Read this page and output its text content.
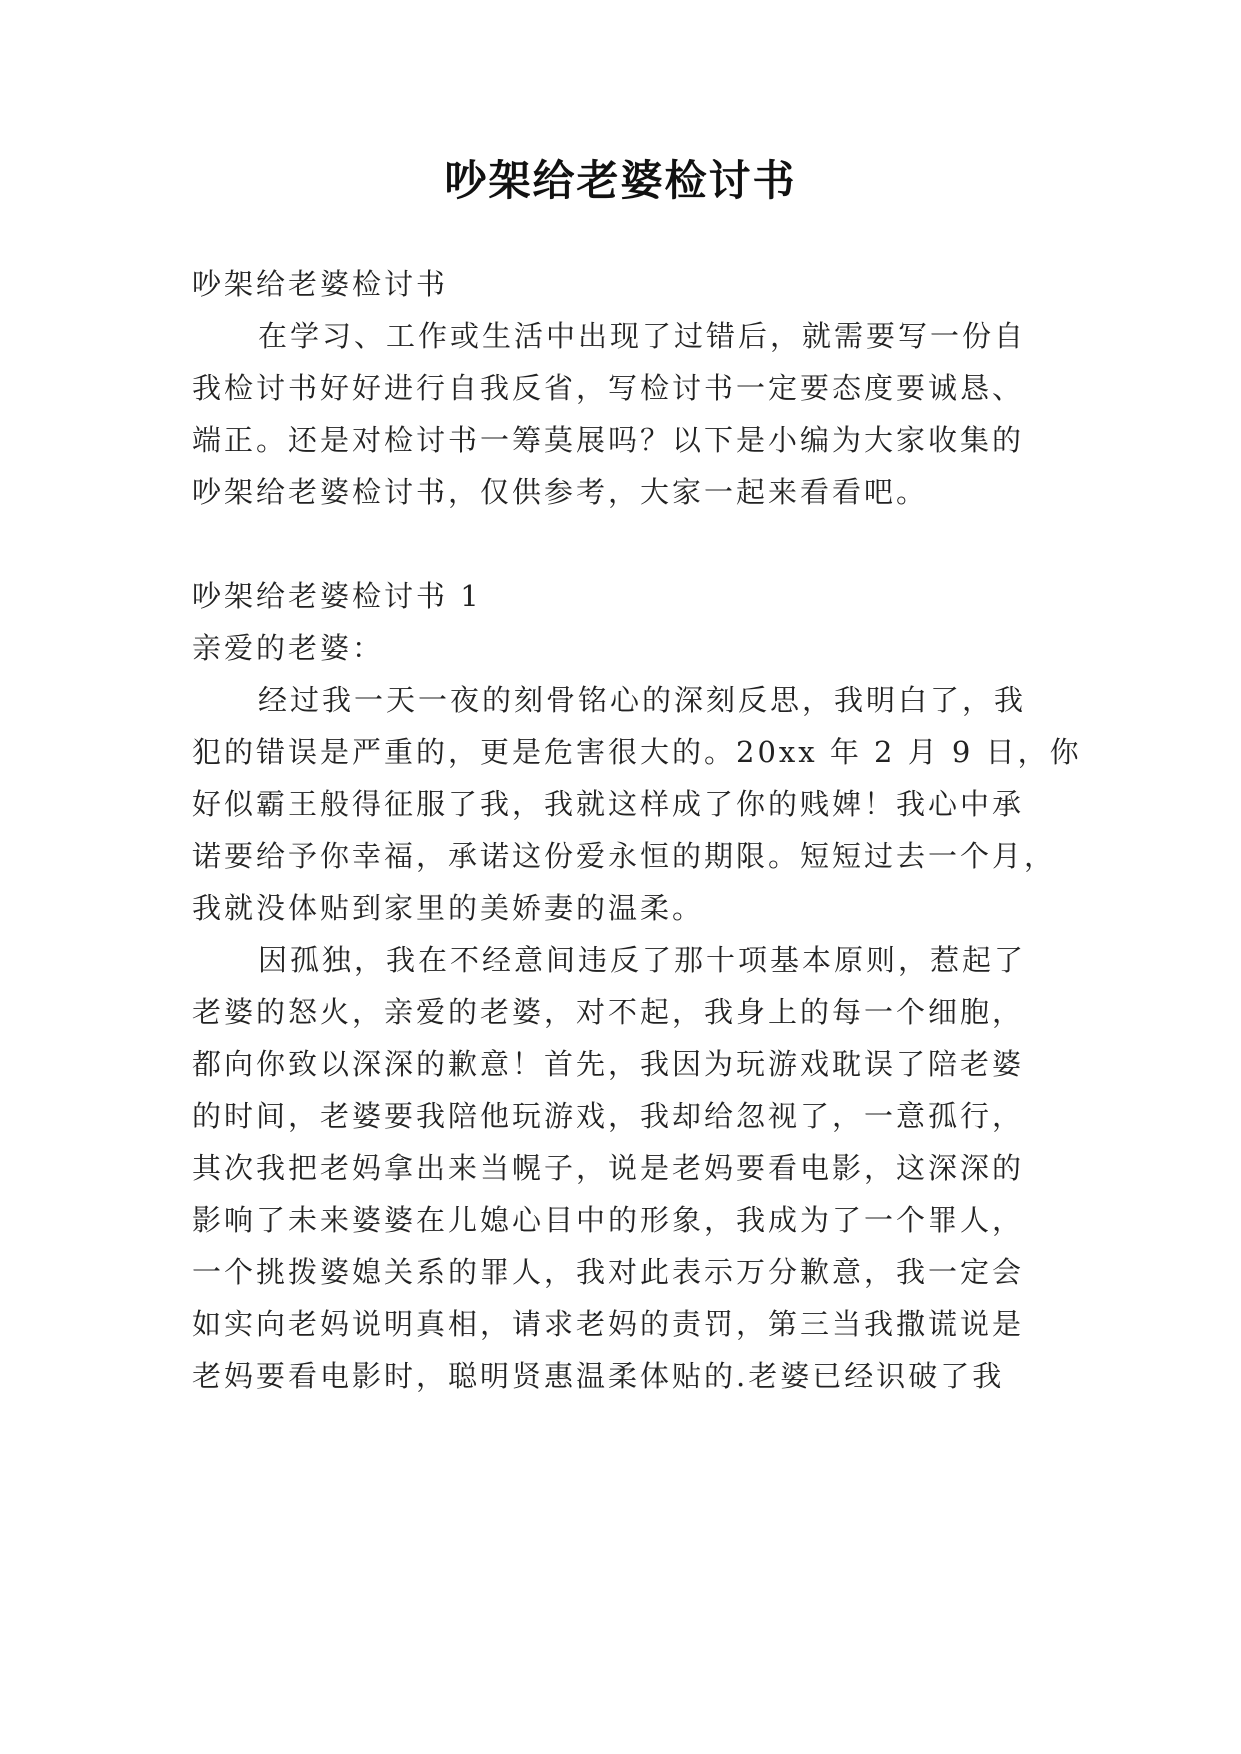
吵架给老婆检讨书
吵架给老婆检讨书
在学习、工作或生活中出现了过错后，就需要写一份自
我检讨书好好进行自我反省，写检讨书一定要态度要诚恳、
端正。还是对检讨书一筹莫展吗？以下是小编为大家收集的
吵架给老婆检讨书，仅供参考，大家一起来看看吧。
吵架给老婆检讨书 1
亲爱的老婆：
经过我一天一夜的刻骨铭心的深刻反思，我明白了，我
犯的错误是严重的，更是危害很大的。20xx 年 2 月 9 日，你
好似霸王般得征服了我，我就这样成了你的贱婢！我心中承
诺要给予你幸福，承诺这份爱永恒的期限。短短过去一个月，
我就没体贴到家里的美娇妻的温柔。
因孤独，我在不经意间违反了那十项基本原则，惹起了
老婆的怒火，亲爱的老婆，对不起，我身上的每一个细胞，
都向你致以深深的歉意！首先，我因为玩游戏耽误了陪老婆
的时间，老婆要我陪他玩游戏，我却给忽视了，一意孤行，
其次我把老妈拿出来当幌子，说是老妈要看电影，这深深的
影响了未来婆婆在儿媳心目中的形象，我成为了一个罪人，
一个挑拨婆媳关系的罪人，我对此表示万分歉意，我一定会
如实向老妈说明真相，请求老妈的责罚，第三当我撒谎说是
老妈要看电影时，聪明贤惠温柔体贴的.老婆已经识破了我
